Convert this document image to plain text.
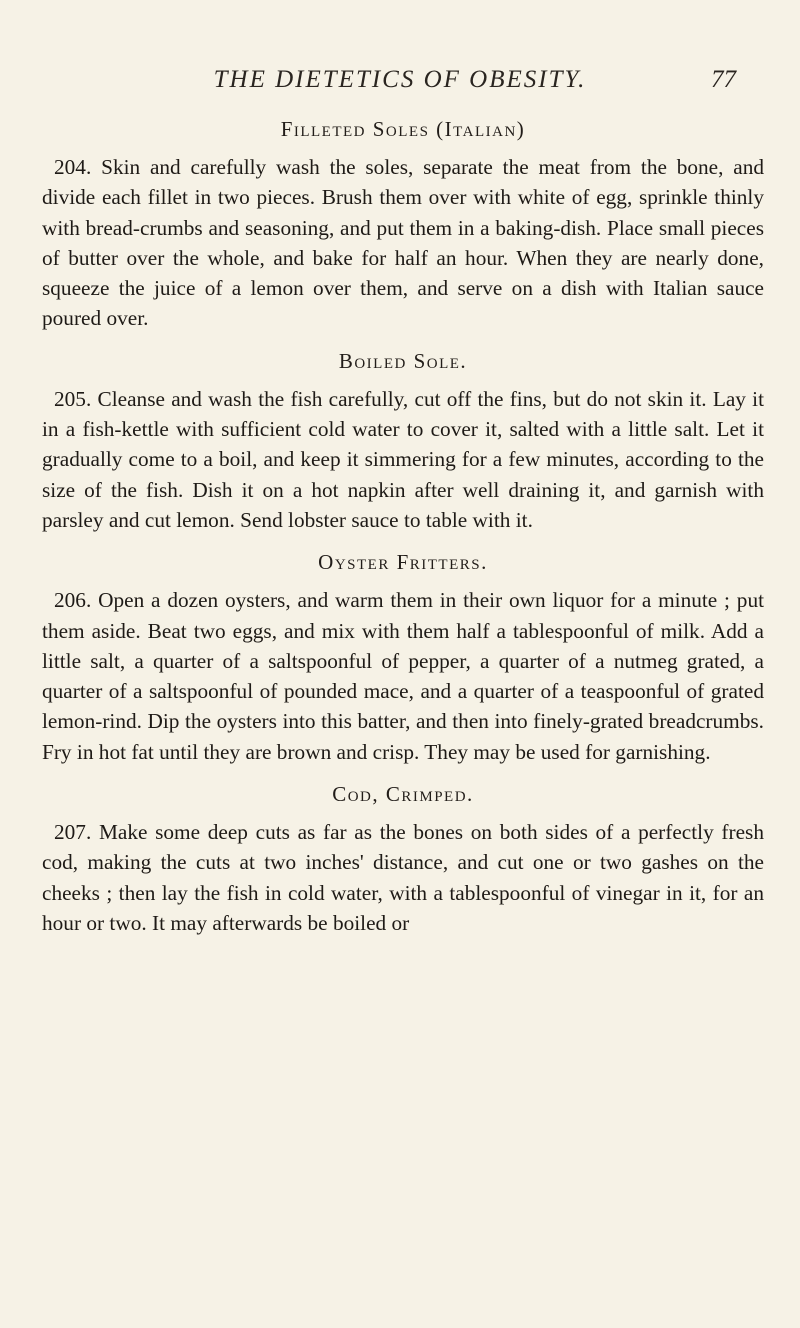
THE DIETETICS OF OBESITY.	77
Filleted Soles (Italian)

204. Skin and carefully wash the soles, separate the meat from the bone, and divide each fillet in two pieces. Brush them over with white of egg, sprinkle thinly with bread-crumbs and seasoning, and put them in a baking-dish. Place small pieces of butter over the whole, and bake for half an hour. When they are nearly done, squeeze the juice of a lemon over them, and serve on a dish with Italian sauce poured over.

Boiled Sole.

205. Cleanse and wash the fish carefully, cut off the fins, but do not skin it. Lay it in a fish-kettle with sufficient cold water to cover it, salted with a little salt. Let it gradually come to a boil, and keep it simmering for a few minutes, according to the size of the fish. Dish it on a hot napkin after well draining it, and garnish with parsley and cut lemon. Send lobster sauce to table with it.

Oyster Fritters.

206. Open a dozen oysters, and warm them in their own liquor for a minute ; put them aside. Beat two eggs, and mix with them half a tablespoonful of milk. Add a little salt, a quarter of a saltspoonful of pepper, a quarter of a nutmeg grated, a quarter of a saltspoonful of pounded mace, and a quarter of a teaspoonful of grated lemon-rind. Dip the oysters into this batter, and then into finely-grated breadcrumbs. Fry in hot fat until they are brown and crisp. They may be used for garnishing.

Cod, Crimped.

207. Make some deep cuts as far as the bones on both sides of a perfectly fresh cod, making the cuts at two inches' distance, and cut one or two gashes on the cheeks ; then lay the fish in cold water, with a tablespoonful of vinegar in it, for an hour or two. It may afterwards be boiled or
